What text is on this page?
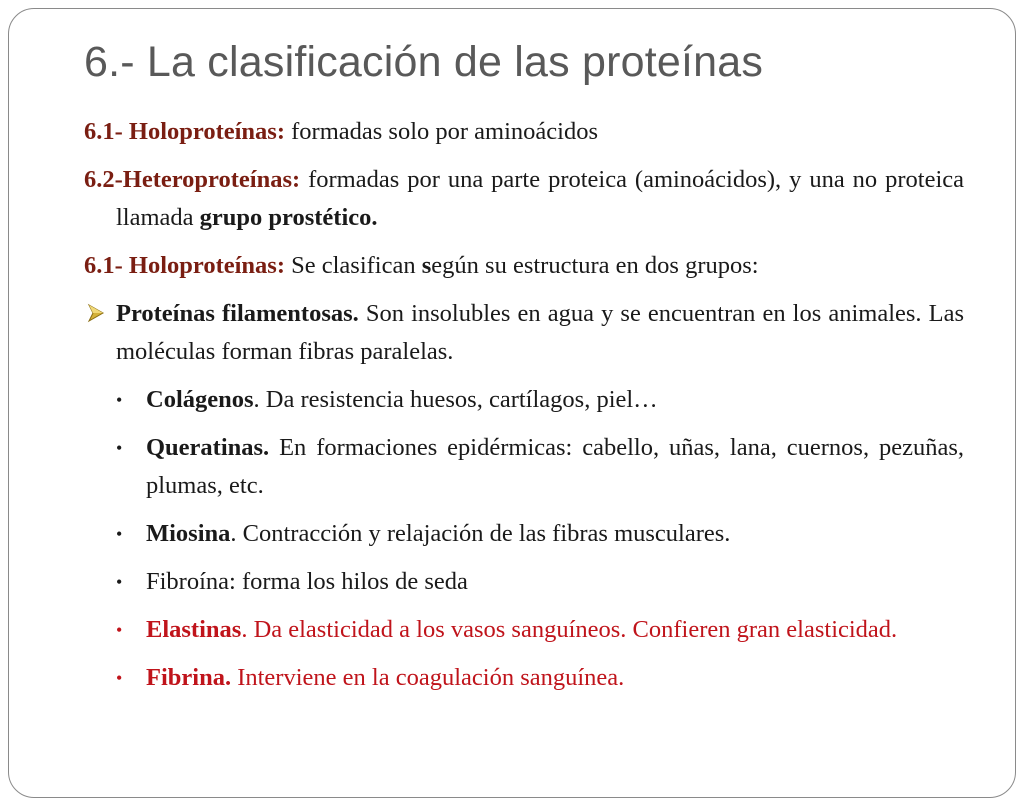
6.- La clasificación de las proteínas

6.1- Holoproteínas: formadas solo por aminoácidos

6.2-Heteroproteínas: formadas por una parte proteica (aminoácidos), y una no proteica llamada grupo prostético.

6.1- Holoproteínas: Se clasifican según su estructura en dos grupos:

Proteínas filamentosas. Son insolubles en agua y se encuentran en los animales. Las moléculas forman fibras paralelas.
• Colágenos. Da resistencia huesos, cartílagos, piel…
• Queratinas. En formaciones epidérmicas: cabello, uñas, lana, cuernos, pezuñas, plumas, etc.
• Miosina. Contracción y relajación de las fibras musculares.
• Fibroína: forma los hilos de seda
• Elastinas. Da elasticidad a los vasos sanguíneos. Confieren gran elasticidad.
• Fibrina. Interviene en la coagulación sanguínea.
